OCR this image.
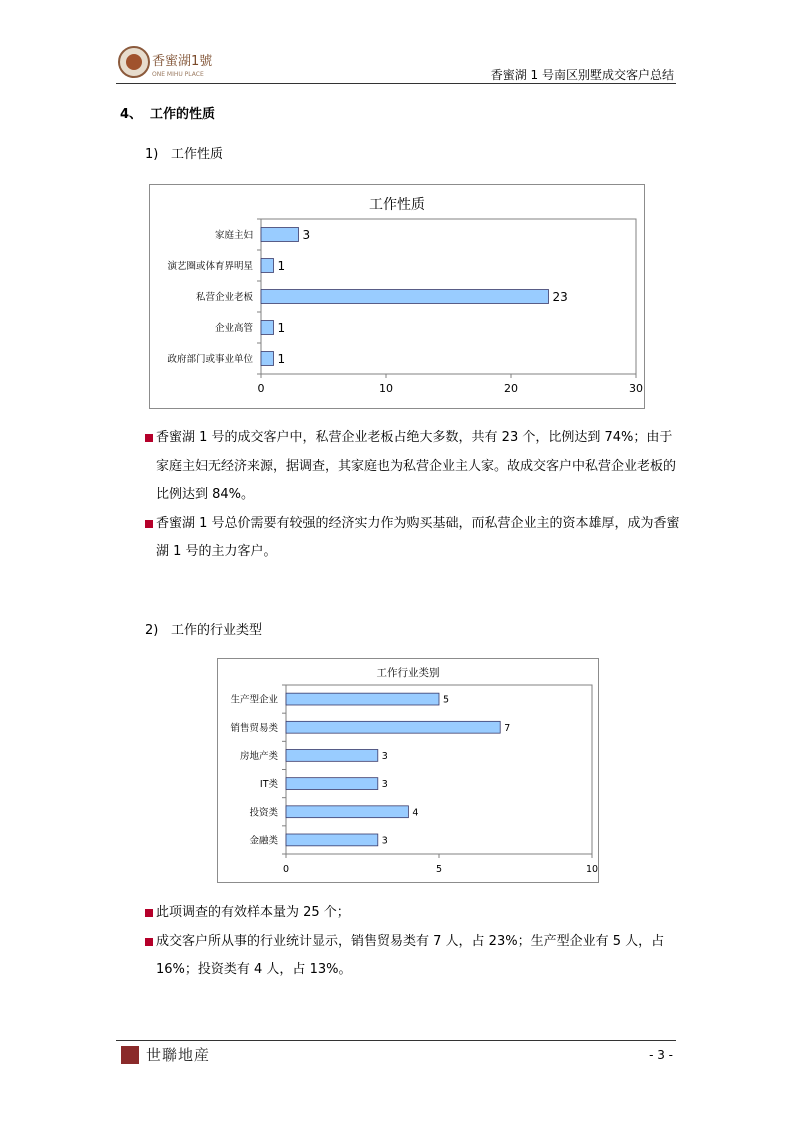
香蜜湖1號
ONE MIHU PLACE	香蜜湖 1 号南区别墅成交客户总结
4、 工作的性质
1) 工作性质
工作性质
0	10	20	30
家庭主妇	3
演艺圈或体育界明星 1
私营企业老板	23
企业高管 1
政府部门或事业单位 1
香蜜湖 1 号的成交客户中，私营企业老板占绝大多数，共有 23 个，比例达到 74%；由于家庭主妇无经济来源，据调查，其家庭也为私营企业主人家。故成交客户中私营企业老板的比例达到 84%。
香蜜湖 1 号总价需要有较强的经济实力作为购买基础，而私营企业主的资本雄厚，成为香蜜湖 1 号的主力客户。
2) 工作的行业类型
工作行业类别
0	5	10
生产型企业	5
销售贸易类	7
房地产类	3
IT类	3
投资类	4
金融类	3
此项调查的有效样本量为 25 个；
成交客户所从事的行业统计显示，销售贸易类有 7 人，占 23%；生产型企业有 5 人，占 16%；投资类有 4 人，占 13%。
世聯地産	- 3 -
